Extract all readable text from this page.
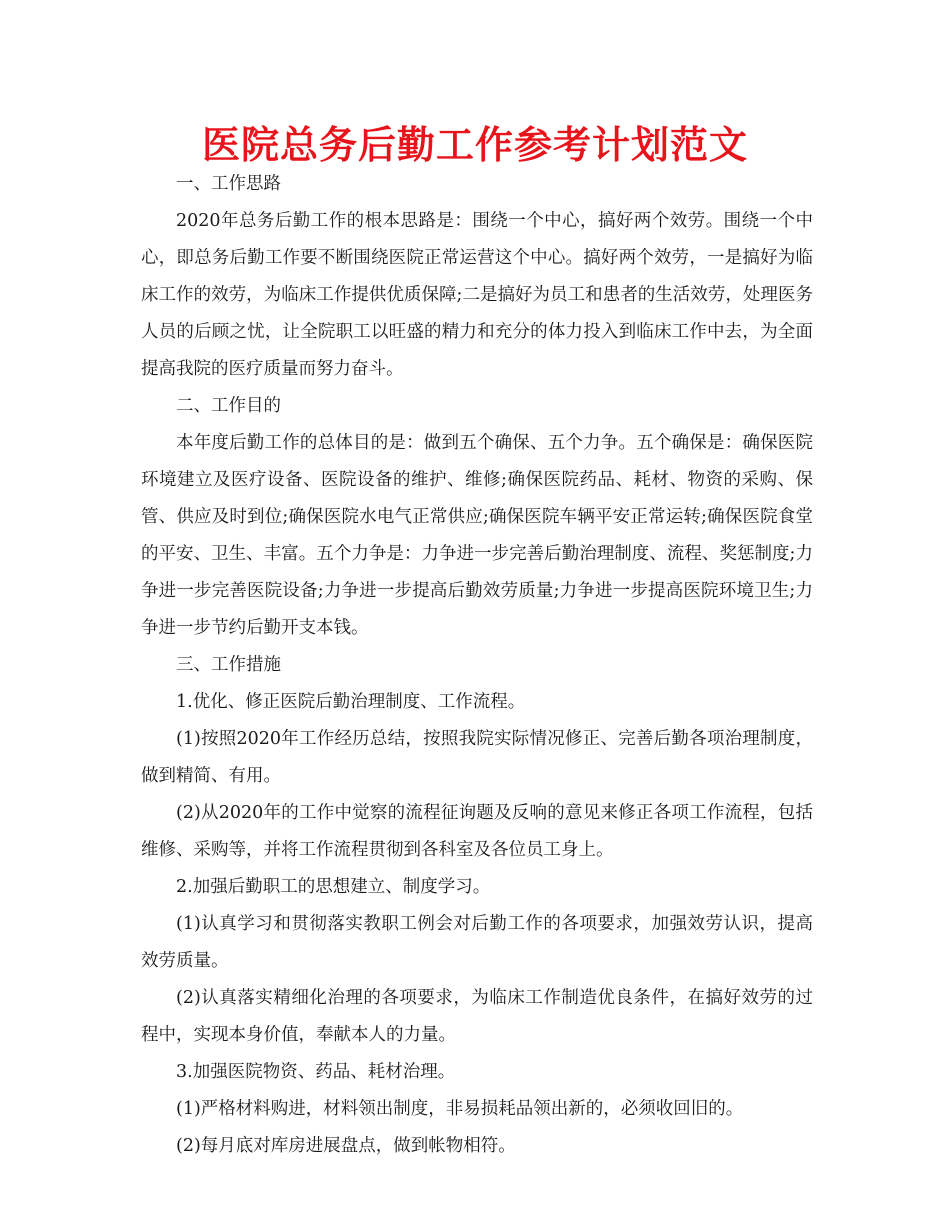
医院总务后勤工作参考计划范文

一、工作思路

2020年总务后勤工作的根本思路是：围绕一个中心，搞好两个效劳。围绕一个中心，即总务后勤工作要不断围绕医院正常运营这个中心。搞好两个效劳，一是搞好为临床工作的效劳，为临床工作提供优质保障;二是搞好为员工和患者的生活效劳，处理医务人员的后顾之忧，让全院职工以旺盛的精力和充分的体力投入到临床工作中去，为全面提高我院的医疗质量而努力奋斗。

二、工作目的

本年度后勤工作的总体目的是：做到五个确保、五个力争。五个确保是：确保医院环境建立及医疗设备、医院设备的维护、维修;确保医院药品、耗材、物资的采购、保管、供应及时到位;确保医院水电气正常供应;确保医院车辆平安正常运转;确保医院食堂的平安、卫生、丰富。五个力争是：力争进一步完善后勤治理制度、流程、奖惩制度;力争进一步完善医院设备;力争进一步提高后勤效劳质量;力争进一步提高医院环境卫生;力争进一步节约后勤开支本钱。

三、工作措施

1.优化、修正医院后勤治理制度、工作流程。

(1)按照2020年工作经历总结，按照我院实际情况修正、完善后勤各项治理制度，做到精简、有用。

(2)从2020年的工作中觉察的流程征询题及反响的意见来修正各项工作流程，包括维修、采购等，并将工作流程贯彻到各科室及各位员工身上。

2.加强后勤职工的思想建立、制度学习。

(1)认真学习和贯彻落实教职工例会对后勤工作的各项要求，加强效劳认识，提高效劳质量。

(2)认真落实精细化治理的各项要求，为临床工作制造优良条件，在搞好效劳的过程中，实现本身价值，奉献本人的力量。

3.加强医院物资、药品、耗材治理。

(1)严格材料购进，材料领出制度，非易损耗品领出新的，必须收回旧的。

(2)每月底对库房进展盘点，做到帐物相符。
